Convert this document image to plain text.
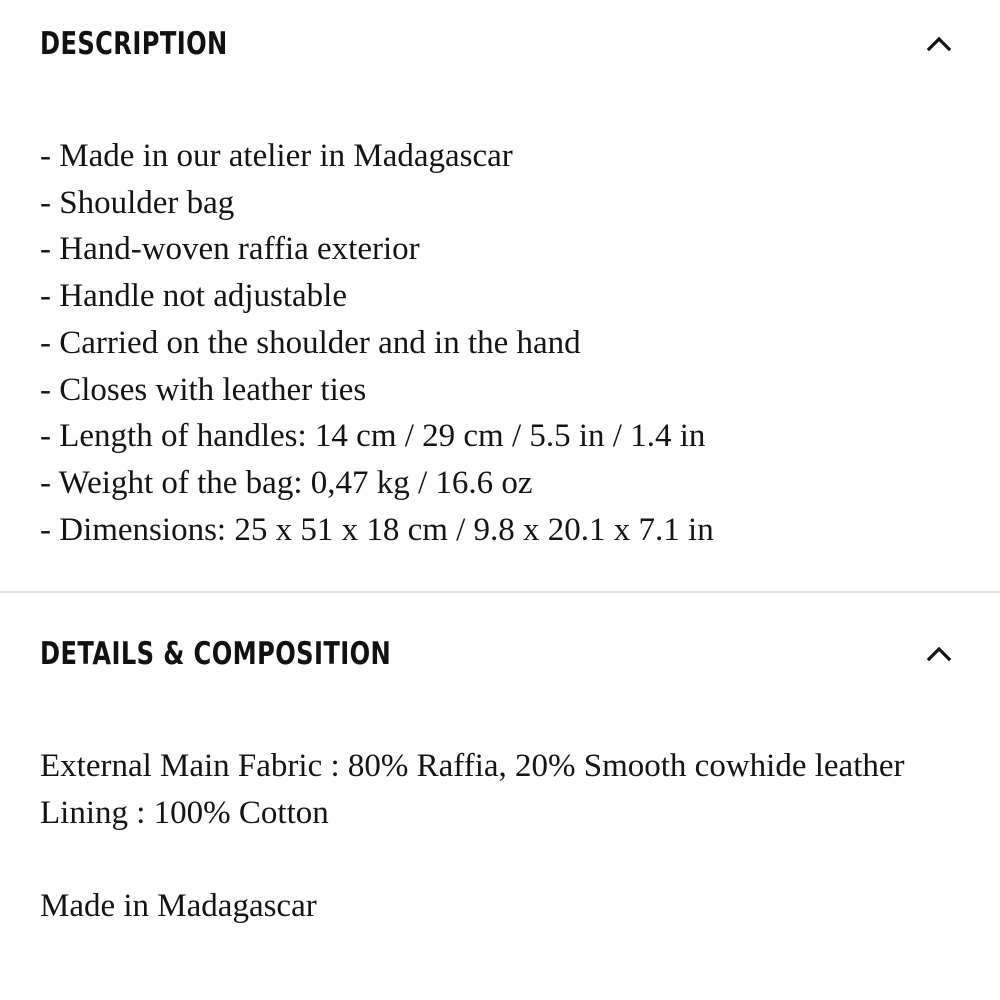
DESCRIPTION
- Made in our atelier in Madagascar
- Shoulder bag
- Hand-woven raffia exterior
- Handle not adjustable
- Carried on the shoulder and in the hand
- Closes with leather ties
- Length of handles: 14 cm / 29 cm / 5.5 in / 1.4 in
- Weight of the bag: 0,47 kg / 16.6 oz
- Dimensions: 25 x 51 x 18 cm / 9.8 x 20.1 x 7.1 in
DETAILS & COMPOSITION

External Main Fabric : 80% Raffia, 20% Smooth cowhide leather

Lining : 100% Cotton

Made in Madagascar
